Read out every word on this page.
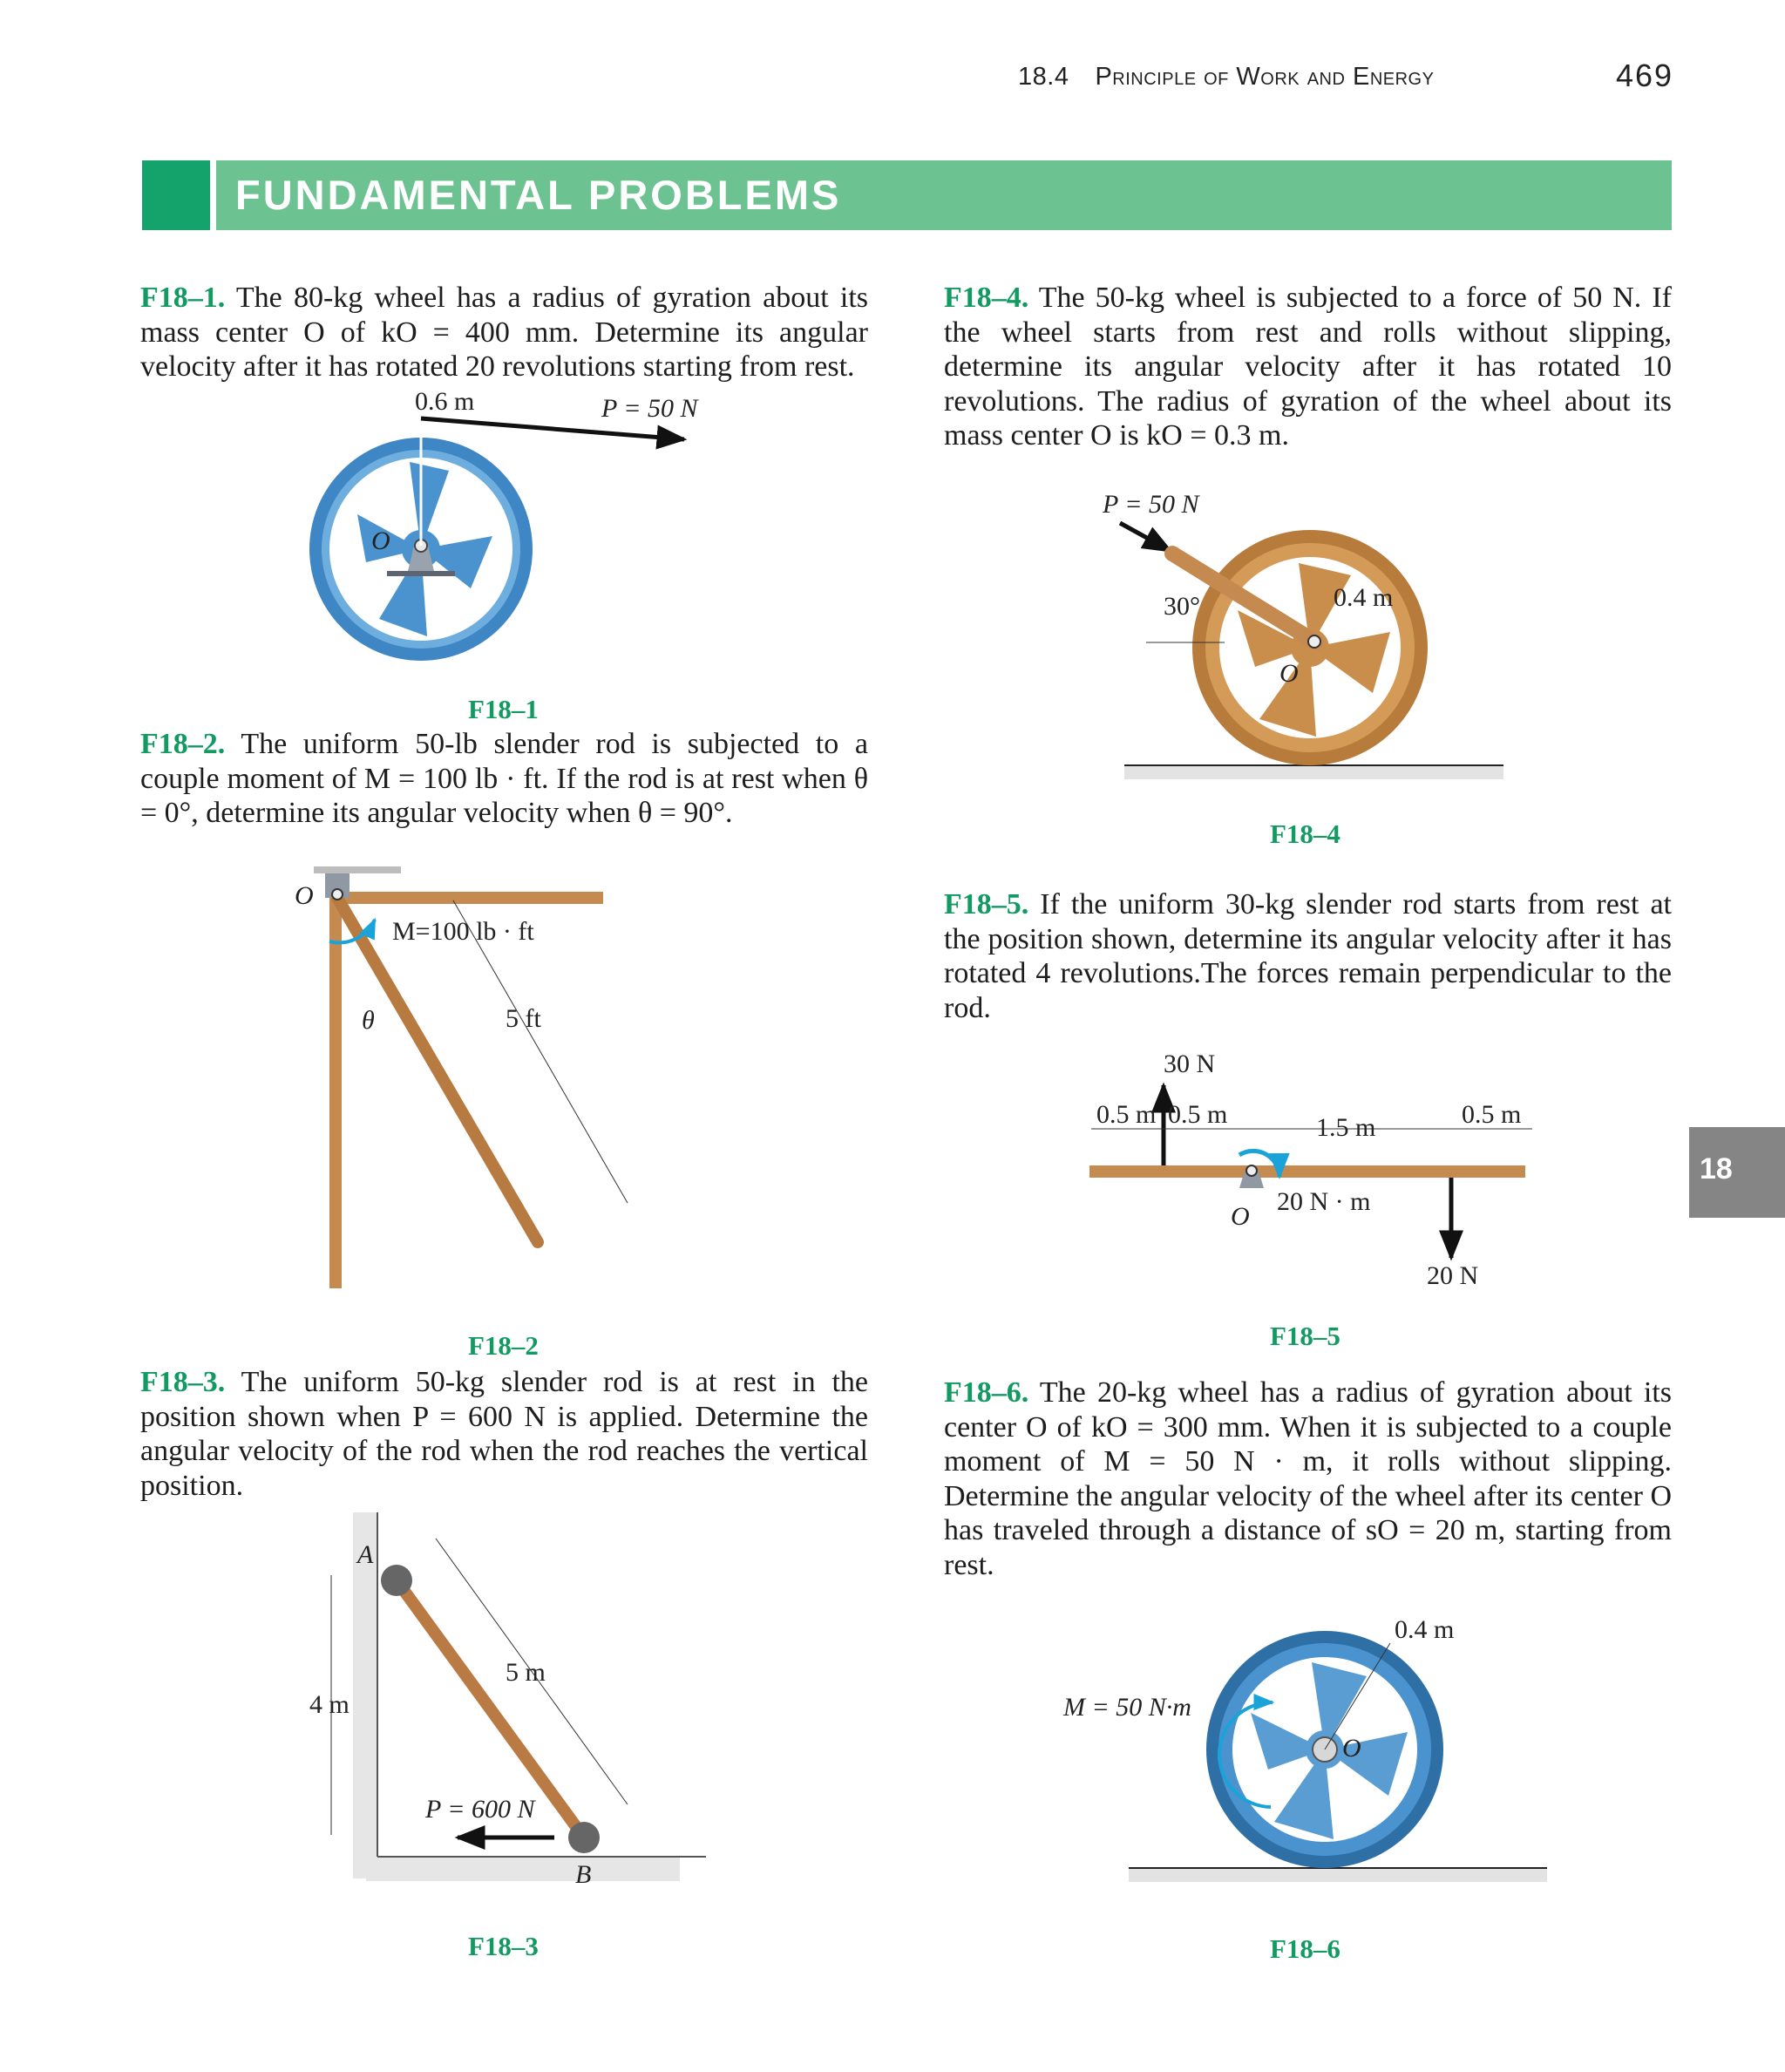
18.4 Principle of Work and Energy	469
FUNDAMENTAL PROBLEMS
18
F18–1. The 80-kg wheel has a radius of gyration about its mass center O of kO = 400 mm. Determine its angular velocity after it has rotated 20 revolutions starting from rest.
F18–2. The uniform 50-lb slender rod is subjected to a couple moment of M = 100 lb · ft. If the rod is at rest when θ = 0°, determine its angular velocity when θ = 90°.
F18–3. The uniform 50-kg slender rod is at rest in the position shown when P = 600 N is applied. Determine the angular velocity of the rod when the rod reaches the vertical position.
F18–4. The 50-kg wheel is subjected to a force of 50 N. If the wheel starts from rest and rolls without slipping, determine its angular velocity after it has rotated 10 revolutions. The radius of gyration of the wheel about its mass center O is kO = 0.3 m.
F18–5. If the uniform 30-kg slender rod starts from rest at the position shown, determine its angular velocity after it has rotated 4 revolutions.The forces remain perpendicular to the rod.
F18–6. The 20-kg wheel has a radius of gyration about its center O of kO = 300 mm. When it is subjected to a couple moment of M = 50 N · m, it rolls without slipping. Determine the angular velocity of the wheel after its center O has traveled through a distance of sO = 20 m, starting from rest.
F18–1
F18–2
F18–3
F18–4
F18–5
F18–6
0.6 m	P = 50 N
O
O
M=100 lb · ft
θ	5 ft
A
B
4 m
5 m
P = 600 N
P = 50 N
30°	0.4 m
O
30 N
0.5 m 0.5 m	1.5 m	0.5 m
20 N · m
O
20 N
0.4 m
M = 50 N·m
O
